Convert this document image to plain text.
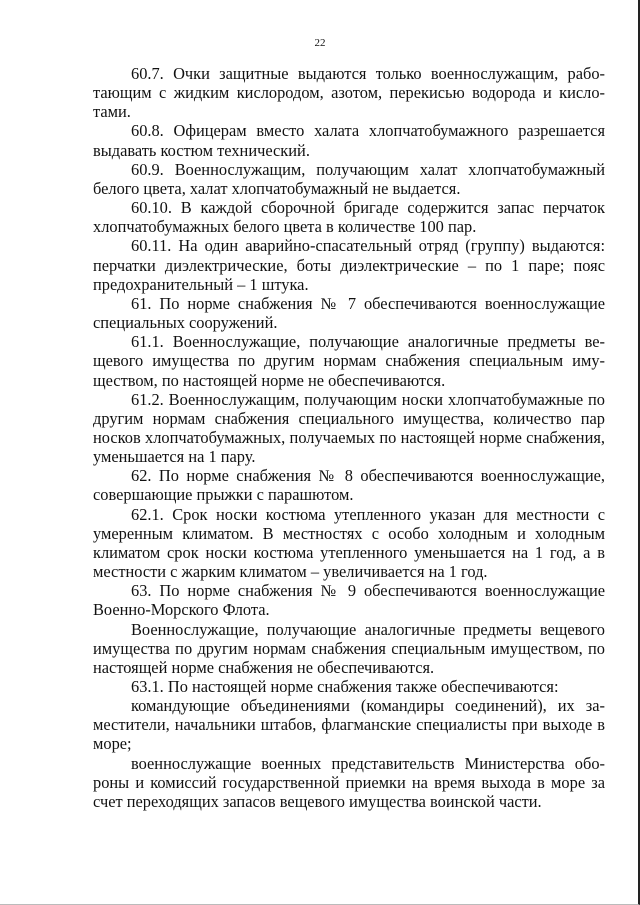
22

60.7. Очки защитные выдаются только военнослужащим, работающим с жидким кислородом, азотом, перекисью водорода и кислотами.

60.8. Офицерам вместо халата хлопчатобумажного разрешается выдавать костюм технический.

60.9. Военнослужащим, получающим халат хлопчатобумажный белого цвета, халат хлопчатобумажный не выдается.

60.10. В каждой сборочной бригаде содержится запас перчаток хлопчатобумажных белого цвета в количестве 100 пар.

60.11. На один аварийно-спасательный отряд (группу) выдаются: перчатки диэлектрические, боты диэлектрические – по 1 паре; пояс предохранительный – 1 штука.

61. По норме снабжения № 7 обеспечиваются военнослужащие специальных сооружений.

61.1. Военнослужащие, получающие аналогичные предметы вещевого имущества по другим нормам снабжения специальным имуществом, по настоящей норме не обеспечиваются.

61.2. Военнослужащим, получающим носки хлопчатобумажные по другим нормам снабжения специального имущества, количество пар носков хлопчатобумажных, получаемых по настоящей норме снабжения, уменьшается на 1 пару.

62. По норме снабжения № 8 обеспечиваются военнослужащие, совершающие прыжки с парашютом.

62.1. Срок носки костюма утепленного указан для местности с умеренным климатом. В местностях с особо холодным и холодным климатом срок носки костюма утепленного уменьшается на 1 год, а в местности с жарким климатом – увеличивается на 1 год.

63. По норме снабжения № 9 обеспечиваются военнослужащие Военно-Морского Флота.

Военнослужащие, получающие аналогичные предметы вещевого имущества по другим нормам снабжения специальным имуществом, по настоящей норме снабжения не обеспечиваются.

63.1. По настоящей норме снабжения также обеспечиваются:

командующие объединениями (командиры соединений), их заместители, начальники штабов, флагманские специалисты при выходе в море;

военнослужащие военных представительств Министерства обороны и комиссий государственной приемки на время выхода в море за счет переходящих запасов вещевого имущества воинской части.
